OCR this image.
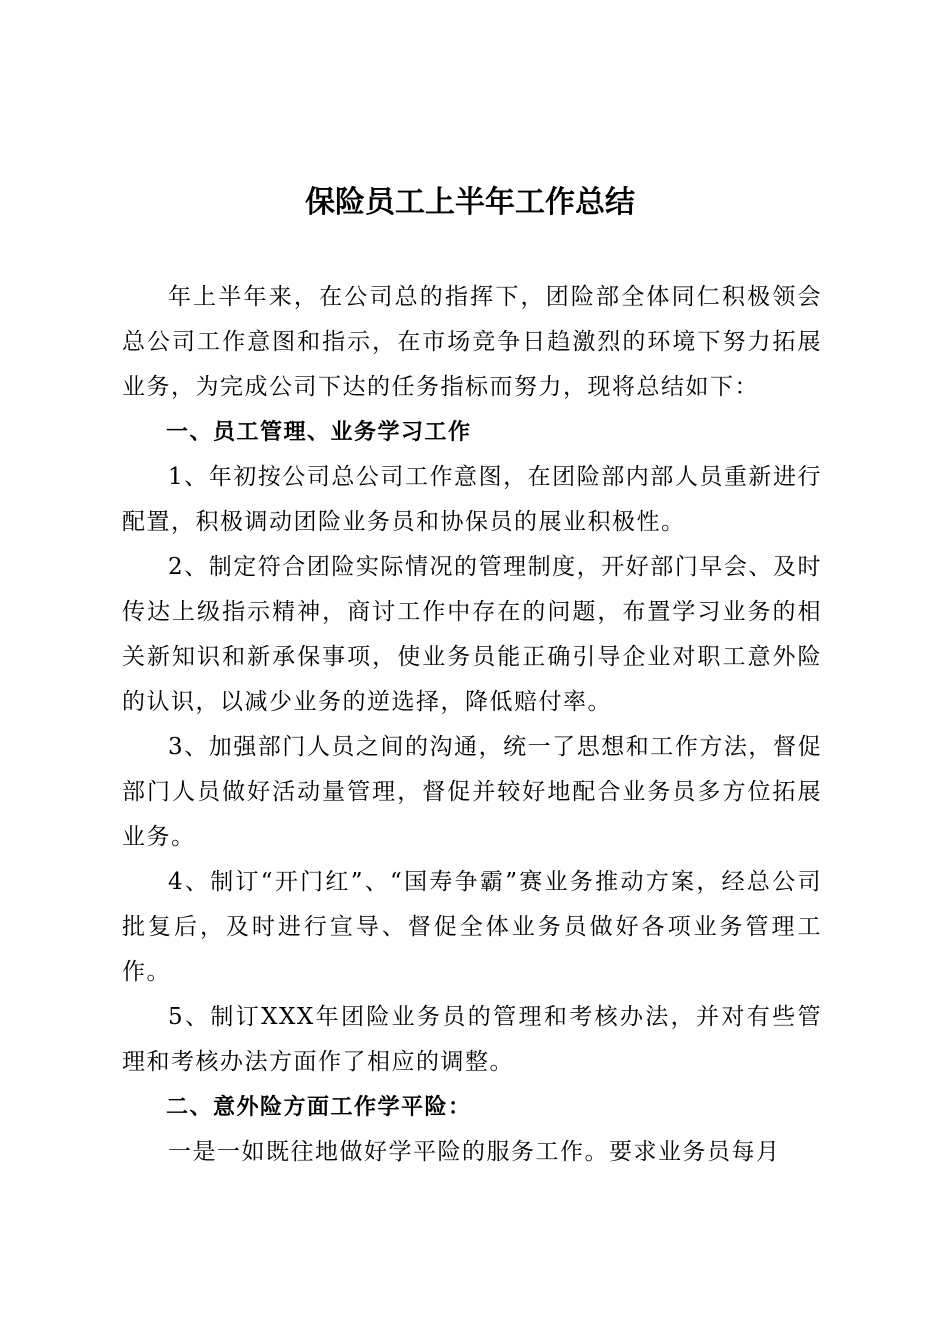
保险员工上半年工作总结

年上半年来，在公司总的指挥下，团险部全体同仁积极领会总公司工作意图和指示，在市场竞争日趋激烈的环境下努力拓展业务，为完成公司下达的任务指标而努力，现将总结如下：

一、员工管理、业务学习工作

1、年初按公司总公司工作意图，在团险部内部人员重新进行配置，积极调动团险业务员和协保员的展业积极性。

2、制定符合团险实际情况的管理制度，开好部门早会、及时传达上级指示精神，商讨工作中存在的问题，布置学习业务的相关新知识和新承保事项，使业务员能正确引导企业对职工意外险的认识，以减少业务的逆选择，降低赔付率。

3、加强部门人员之间的沟通，统一了思想和工作方法，督促部门人员做好活动量管理，督促并较好地配合业务员多方位拓展业务。

4、制订“开门红”、“国寿争霸”赛业务推动方案，经总公司批复后，及时进行宣导、督促全体业务员做好各项业务管理工作。

5、制订XXX年团险业务员的管理和考核办法，并对有些管理和考核办法方面作了相应的调整。

二、意外险方面工作学平险：

一是一如既往地做好学平险的服务工作。要求业务员每月
